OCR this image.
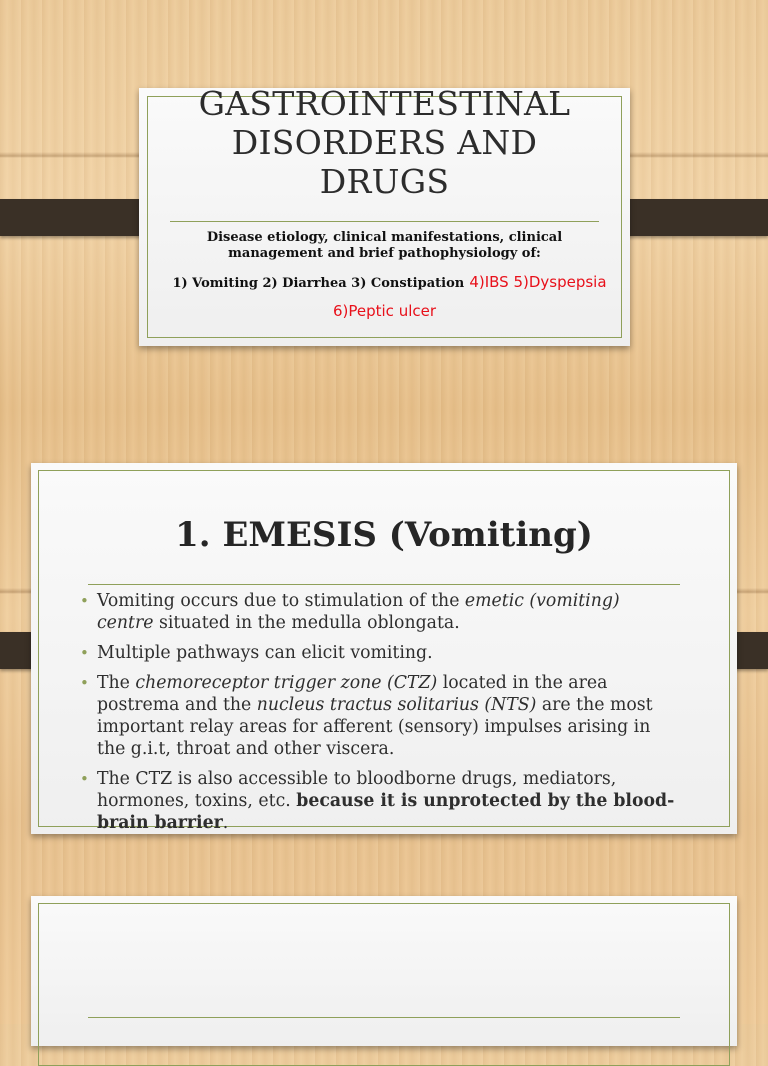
GASTROINTESTINAL
DISORDERS AND
DRUGS
Disease etiology, clinical manifestations, clinical management and brief pathophysiology of:
1) Vomiting 2) Diarrhea 3) Constipation 4)IBS 5)Dyspepsia
6)Peptic ulcer
1. EMESIS (Vomiting)
• Vomiting occurs due to stimulation of the emetic (vomiting) centre situated in the medulla oblongata.
• Multiple pathways can elicit vomiting.
• The chemoreceptor trigger zone (CTZ) located in the area postrema and the nucleus tractus solitarius (NTS) are the most important relay areas for afferent (sensory) impulses arising in the g.i.t, throat and other viscera.
• The CTZ is also accessible to bloodborne drugs, mediators, hormones, toxins, etc. because it is unprotected by the blood-brain barrier.
